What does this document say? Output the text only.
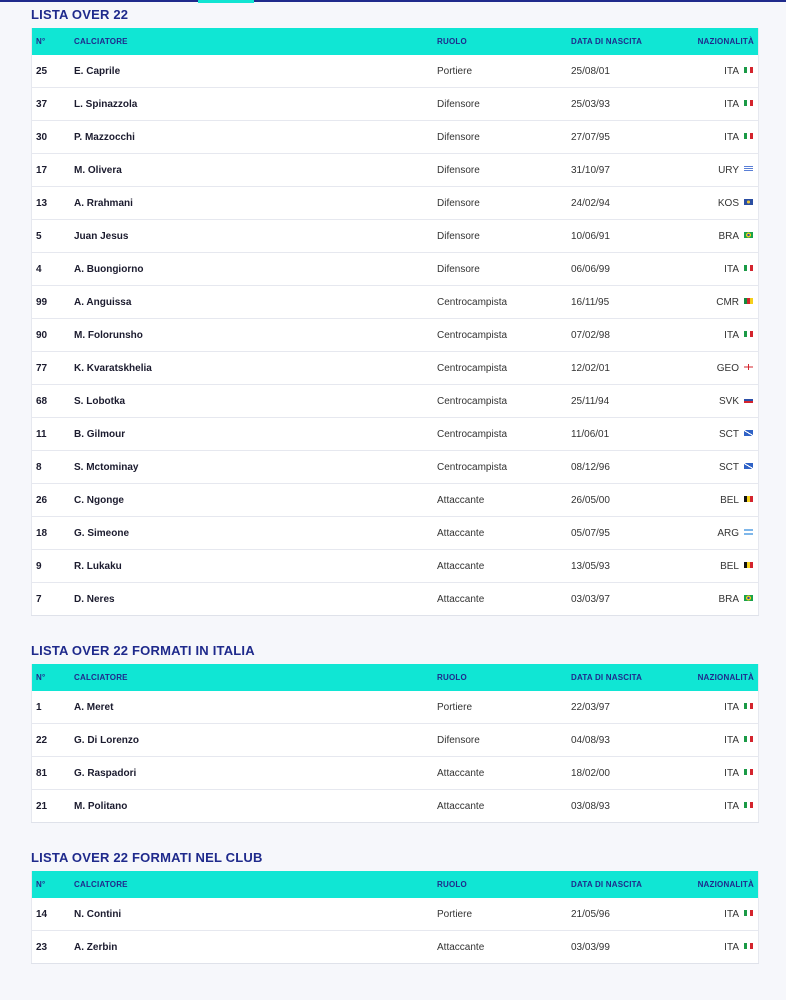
LISTA OVER 22
N°	CALCIATORE	RUOLO	DATA DI NASCITA	NAZIONALITÀ
25	E. Caprile	Portiere	25/08/01	ITA
37	L. Spinazzola	Difensore	25/03/93	ITA
30	P. Mazzocchi	Difensore	27/07/95	ITA
17	M. Olivera	Difensore	31/10/97	URY
13	A. Rrahmani	Difensore	24/02/94	KOS
5	Juan Jesus	Difensore	10/06/91	BRA
4	A. Buongiorno	Difensore	06/06/99	ITA
99	A. Anguissa	Centrocampista	16/11/95	CMR
90	M. Folorunsho	Centrocampista	07/02/98	ITA
77	K. Kvaratskhelia	Centrocampista	12/02/01	GEO
68	S. Lobotka	Centrocampista	25/11/94	SVK
11	B. Gilmour	Centrocampista	11/06/01	SCT
8	S. Mctominay	Centrocampista	08/12/96	SCT
26	C. Ngonge	Attaccante	26/05/00	BEL
18	G. Simeone	Attaccante	05/07/95	ARG
9	R. Lukaku	Attaccante	13/05/93	BEL
7	D. Neres	Attaccante	03/03/97	BRA
LISTA OVER 22 FORMATI IN ITALIA
N°	CALCIATORE	RUOLO	DATA DI NASCITA	NAZIONALITÀ
1	A. Meret	Portiere	22/03/97	ITA
22	G. Di Lorenzo	Difensore	04/08/93	ITA
81	G. Raspadori	Attaccante	18/02/00	ITA
21	M. Politano	Attaccante	03/08/93	ITA
LISTA OVER 22 FORMATI NEL CLUB
N°	CALCIATORE	RUOLO	DATA DI NASCITA	NAZIONALITÀ
14	N. Contini	Portiere	21/05/96	ITA
23	A. Zerbin	Attaccante	03/03/99	ITA
